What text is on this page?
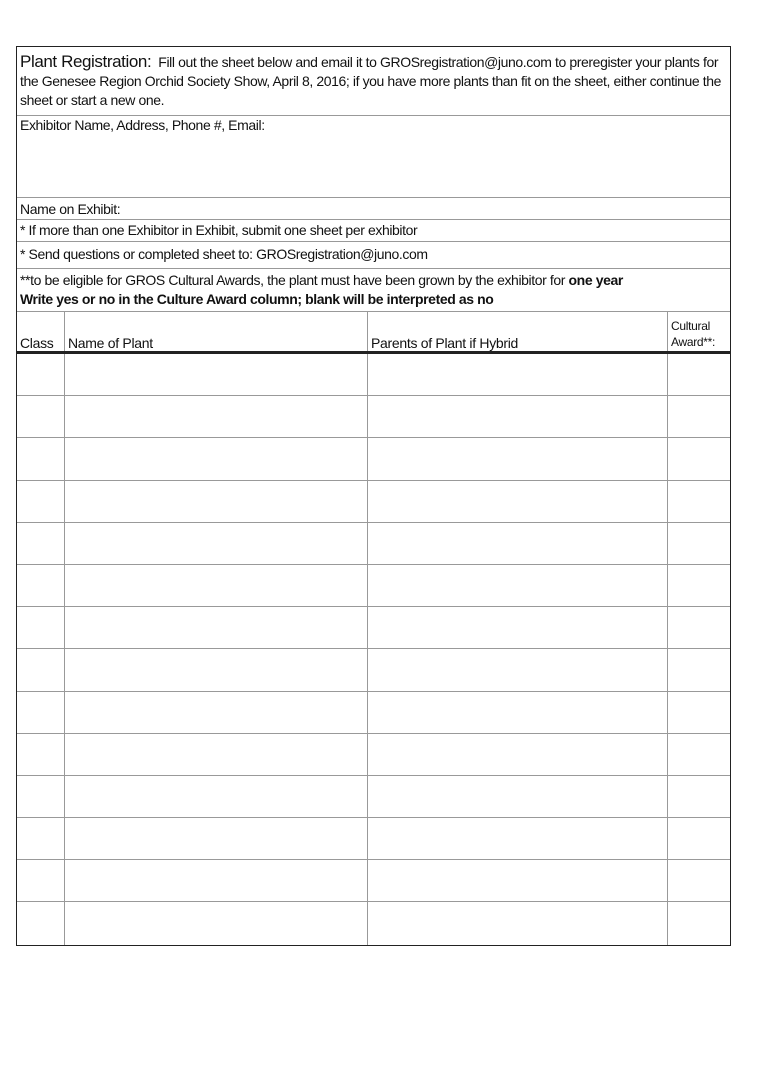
Plant Registration: Fill out the sheet below and email it to GROSregistration@juno.com to preregister your plants for the Genesee Region Orchid Society Show, April 8, 2016; if you have more plants than fit on the sheet, either continue the sheet or start a new one.
Exhibitor Name, Address, Phone #, Email:
Name on Exhibit:
* If more than one Exhibitor in Exhibit, submit one sheet per exhibitor
* Send questions or completed sheet to: GROSregistration@juno.com
**to be eligible for GROS Cultural Awards, the plant must have been grown by the exhibitor for one year
Write yes or no in the Culture Award column; blank will be interpreted as no
Class Name of Plant	Parents of Plant if Hybrid
Cultural
Award**:
